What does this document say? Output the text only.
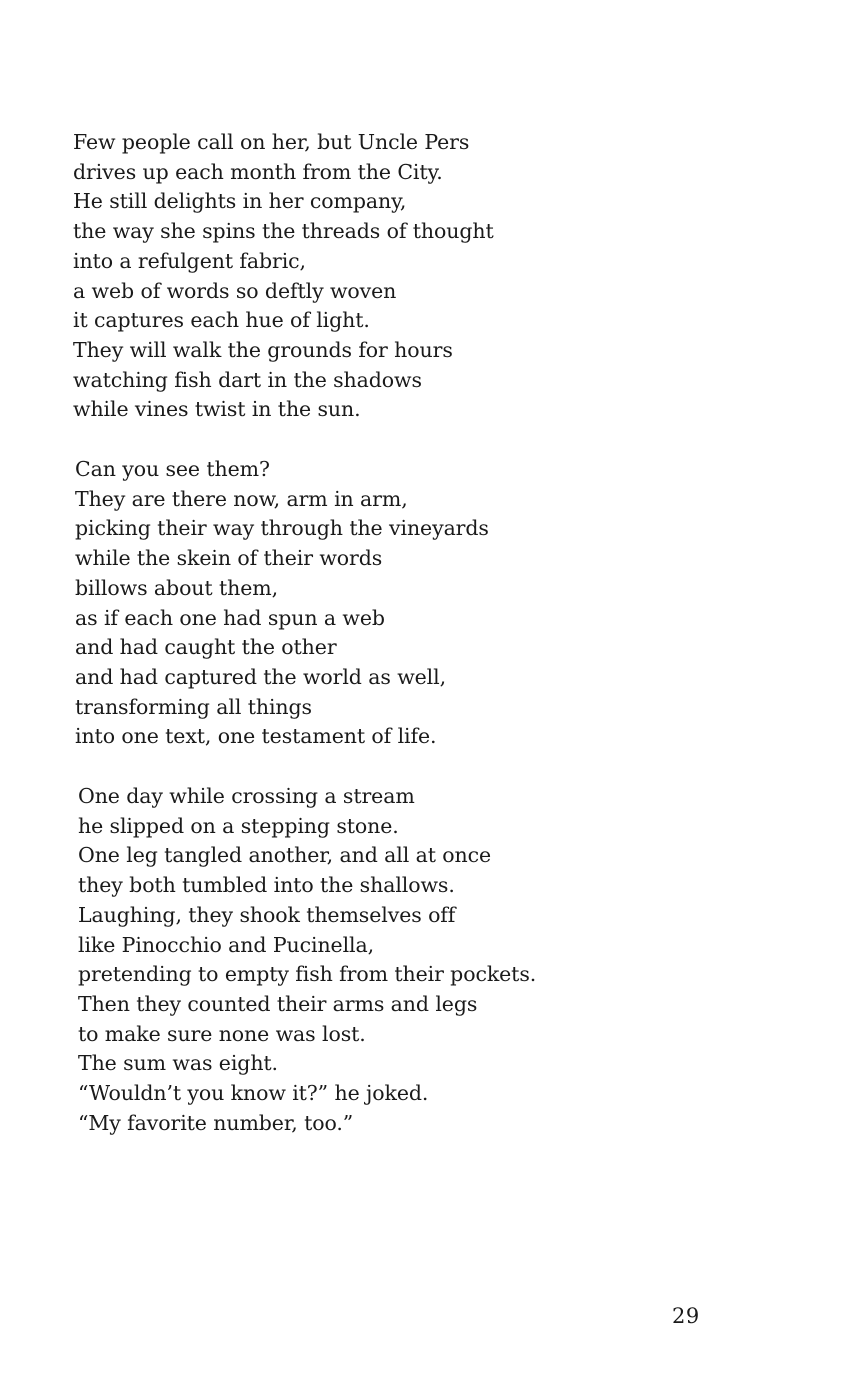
Few people call on her, but Uncle Pers
drives up each month from the City.
He still delights in her company,
the way she spins the threads of thought
into a refulgent fabric,
a web of words so deftly woven
it captures each hue of light.
They will walk the grounds for hours
watching fish dart in the shadows
while vines twist in the sun.

Can you see them?
They are there now, arm in arm,
picking their way through the vineyards
while the skein of their words
billows about them,
as if each one had spun a web
and had caught the other
and had captured the world as well,
transforming all things
into one text, one testament of life.

One day while crossing a stream
he slipped on a stepping stone.
One leg tangled another, and all at once
they both tumbled into the shallows.
Laughing, they shook themselves off
like Pinocchio and Pucinella,
pretending to empty fish from their pockets.
Then they counted their arms and legs
to make sure none was lost.
The sum was eight.
“Wouldn’t you know it?” he joked.
“My favorite number, too.”

29
